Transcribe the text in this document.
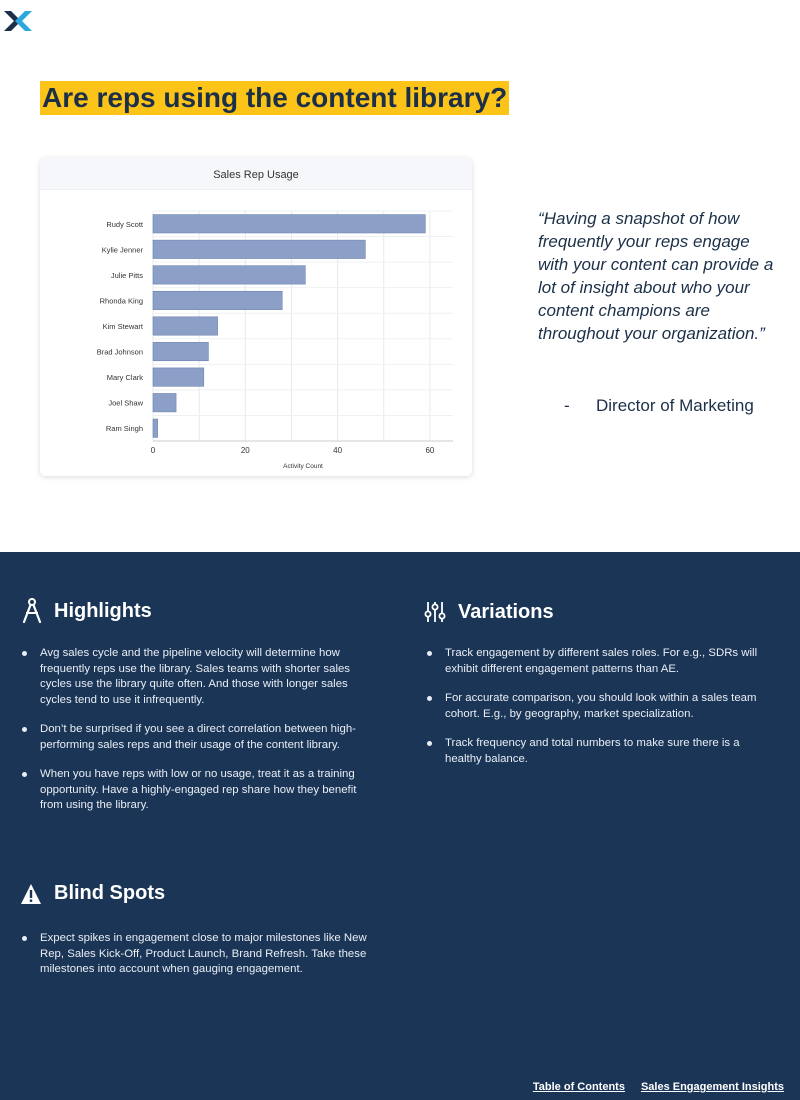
Are reps using the content library?
Sales Rep Usage
Rudy Scott
Kylie Jenner
Julie Pitts
Rhonda King
Kim Stewart
Brad Johnson
Mary Clark
Joel Shaw
Ram Singh
0	20	40	60
Activity Count

“Having a snapshot of how frequently your reps engage with your content can provide a lot of insight about who your content champions are throughout your organization.”

- Director of Marketing
Highlights
Avg sales cycle and the pipeline velocity will determine how frequently reps use the library. Sales teams with shorter sales cycles use the library quite often. And those with longer sales cycles tend to use it infrequently.
Don’t be surprised if you see a direct correlation between high-performing sales reps and their usage of the content library.
When you have reps with low or no usage, treat it as a training opportunity. Have a highly-engaged rep share how they benefit from using the library.
Variations
Track engagement by different sales roles. For e.g., SDRs will exhibit different engagement patterns than AE.
For accurate comparison, you should look within a sales team cohort. E.g., by geography, market specialization.
Track frequency and total numbers to make sure there is a healthy balance.
Blind Spots
Expect spikes in engagement close to major milestones like New Rep, Sales Kick-Off, Product Launch, Brand Refresh. Take these milestones into account when gauging engagement.
Table of Contents Sales Engagement Insights
